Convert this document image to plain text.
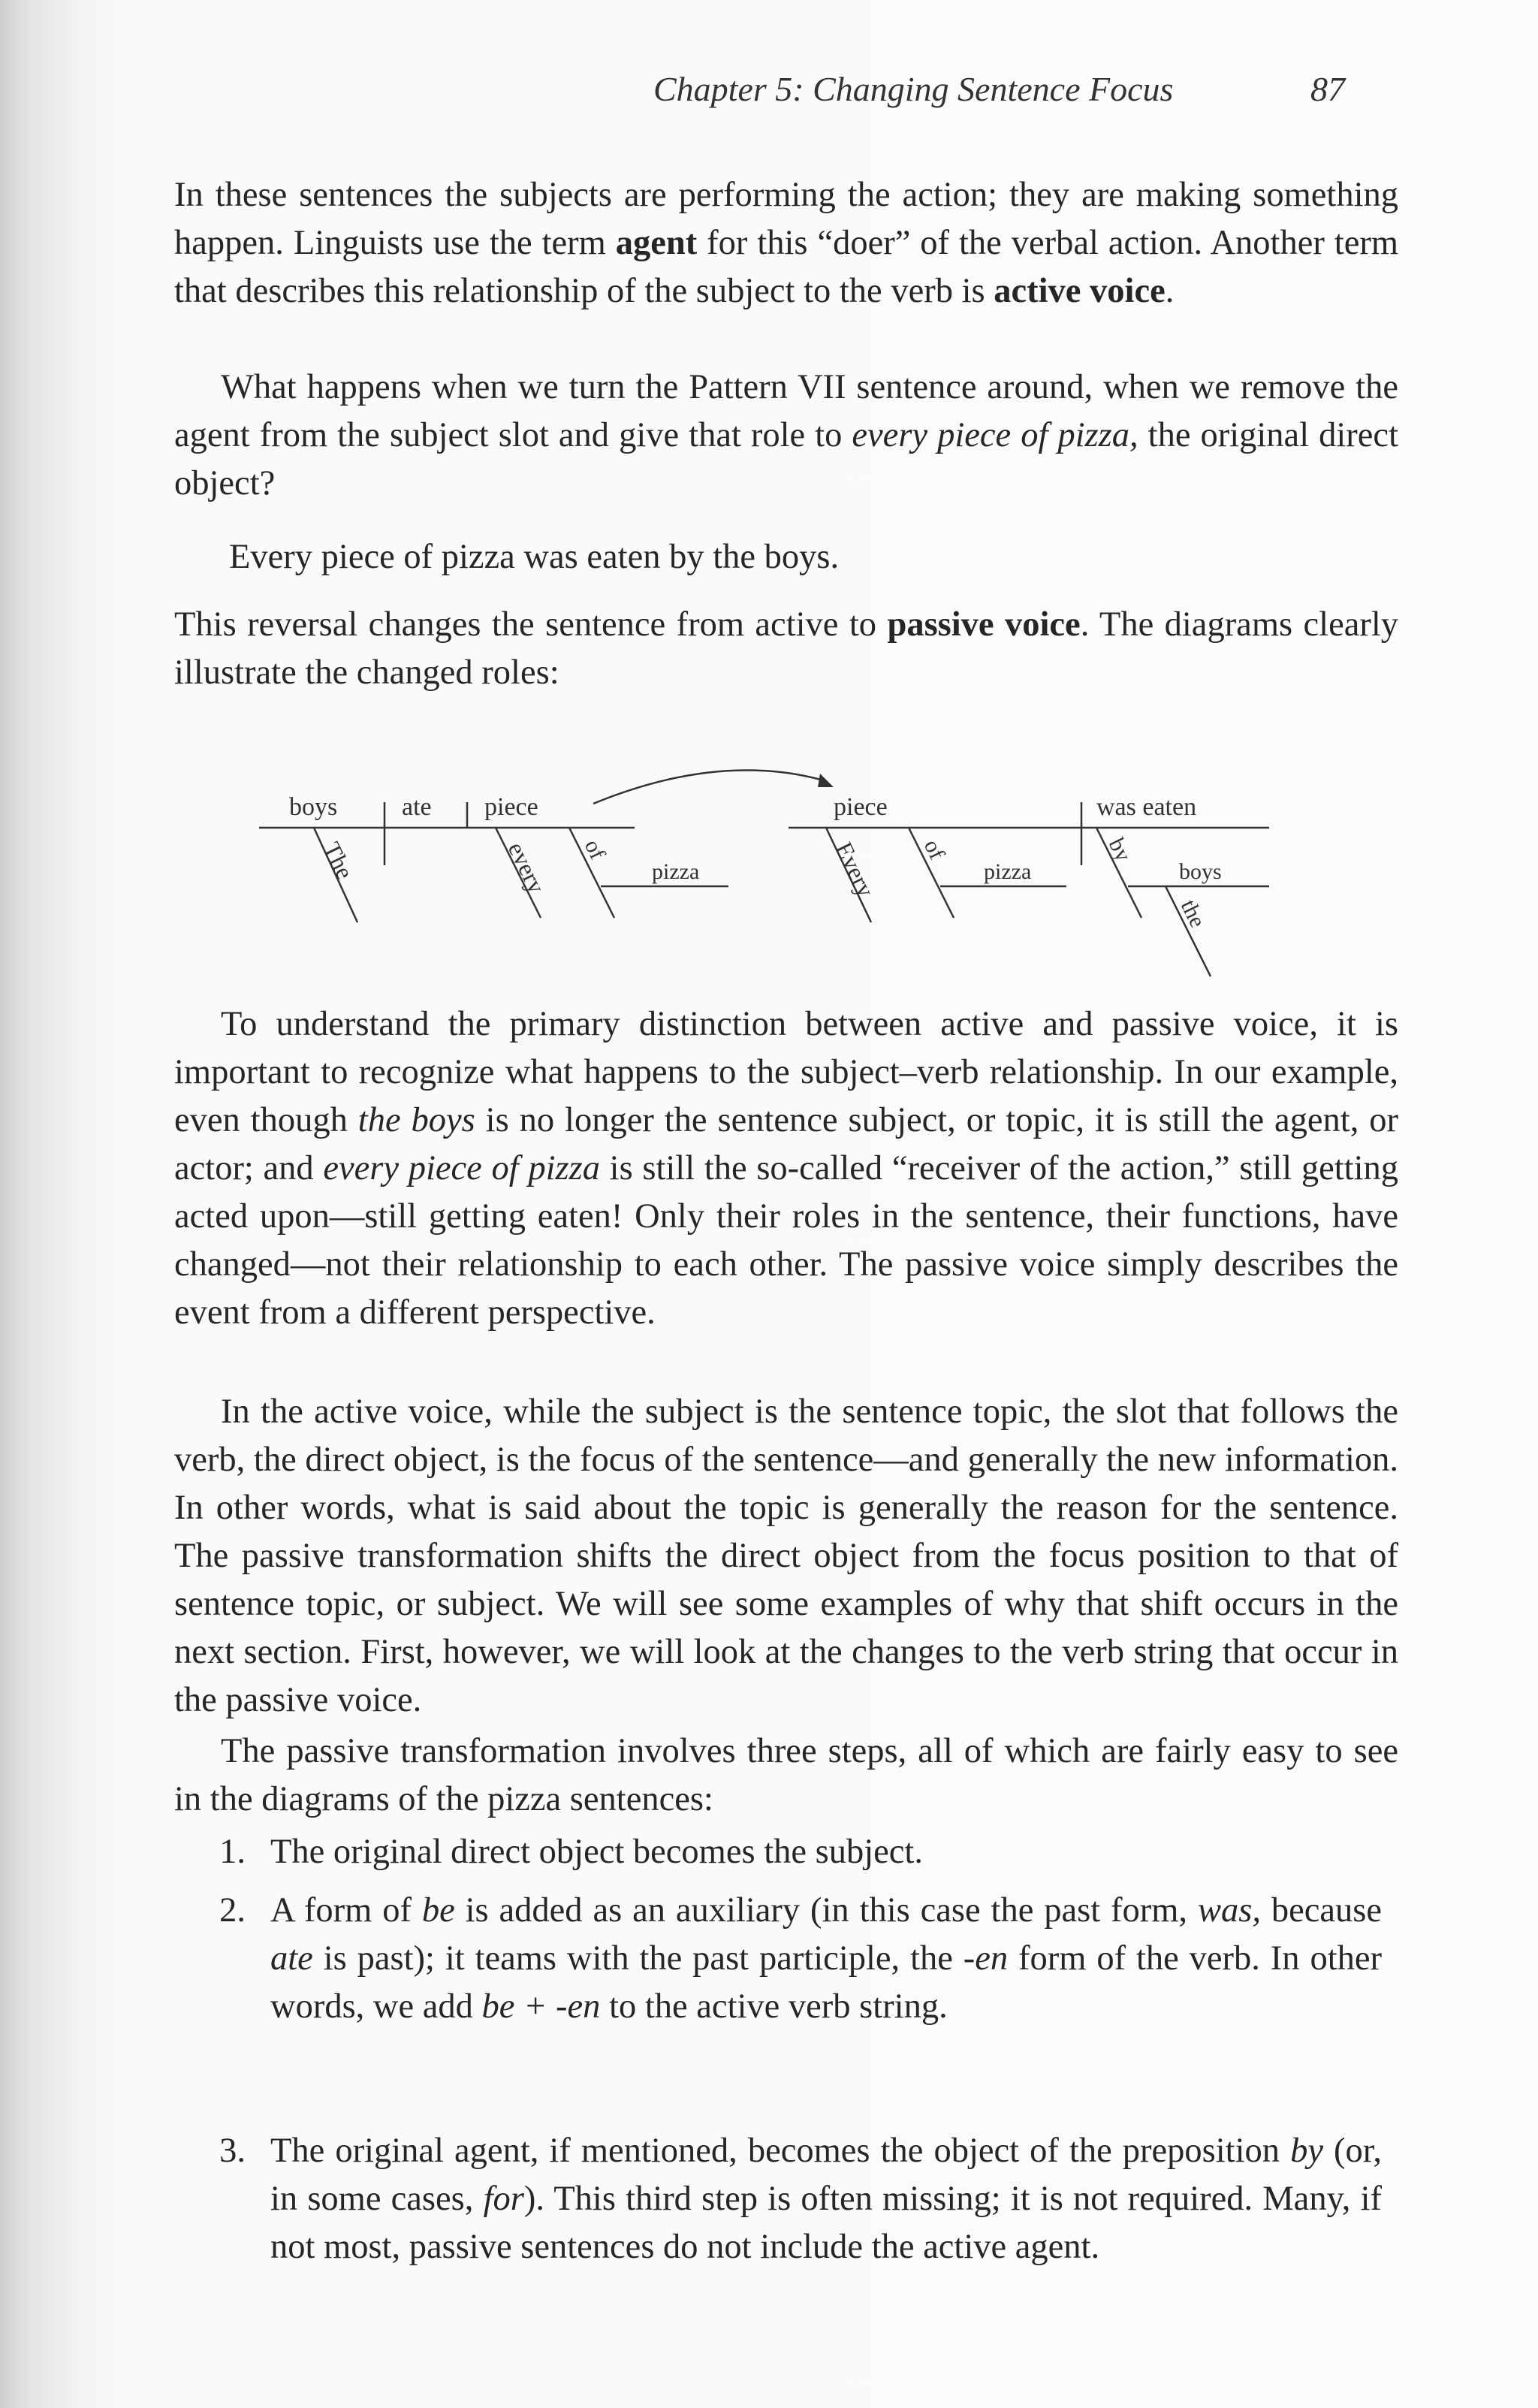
Chapter 5: Changing Sentence Focus	87

In these sentences the subjects are performing the action; they are making something happen. Linguists use the term agent for this “doer” of the verbal action. Another term that describes this relationship of the subject to the verb is active voice.

What happens when we turn the Pattern VII sentence around, when we remove the agent from the subject slot and give that role to every piece of pizza, the original direct object?

Every piece of pizza was eaten by the boys.

This reversal changes the sentence from active to passive voice. The diagrams clearly illustrate the changed roles:

boys	ate piece
The	every of
pizza
piece	was eaten
Every of
pizza
by
boys
the

To understand the primary distinction between active and passive voice, it is important to recognize what happens to the subject–verb relationship. In our example, even though the boys is no longer the sentence subject, or topic, it is still the agent, or actor; and every piece of pizza is still the so-called “receiver of the action,” still getting acted upon—still getting eaten! Only their roles in the sentence, their functions, have changed—not their relationship to each other. The passive voice simply describes the event from a different perspective.

In the active voice, while the subject is the sentence topic, the slot that follows the verb, the direct object, is the focus of the sentence—and generally the new information. In other words, what is said about the topic is generally the reason for the sentence. The passive transformation shifts the direct object from the focus position to that of sentence topic, or subject. We will see some examples of why that shift occurs in the next section. First, however, we will look at the changes to the verb string that occur in the passive voice.

The passive transformation involves three steps, all of which are fairly easy to see in the diagrams of the pizza sentences:

1. The original direct object becomes the subject.
2. A form of be is added as an auxiliary (in this case the past form, was, because ate is past); it teams with the past participle, the -en form of the verb. In other words, we add be + -en to the active verb string.
3. The original agent, if mentioned, becomes the object of the preposition by (or, in some cases, for). This third step is often missing; it is not required. Many, if not most, passive sentences do not include the active agent.
